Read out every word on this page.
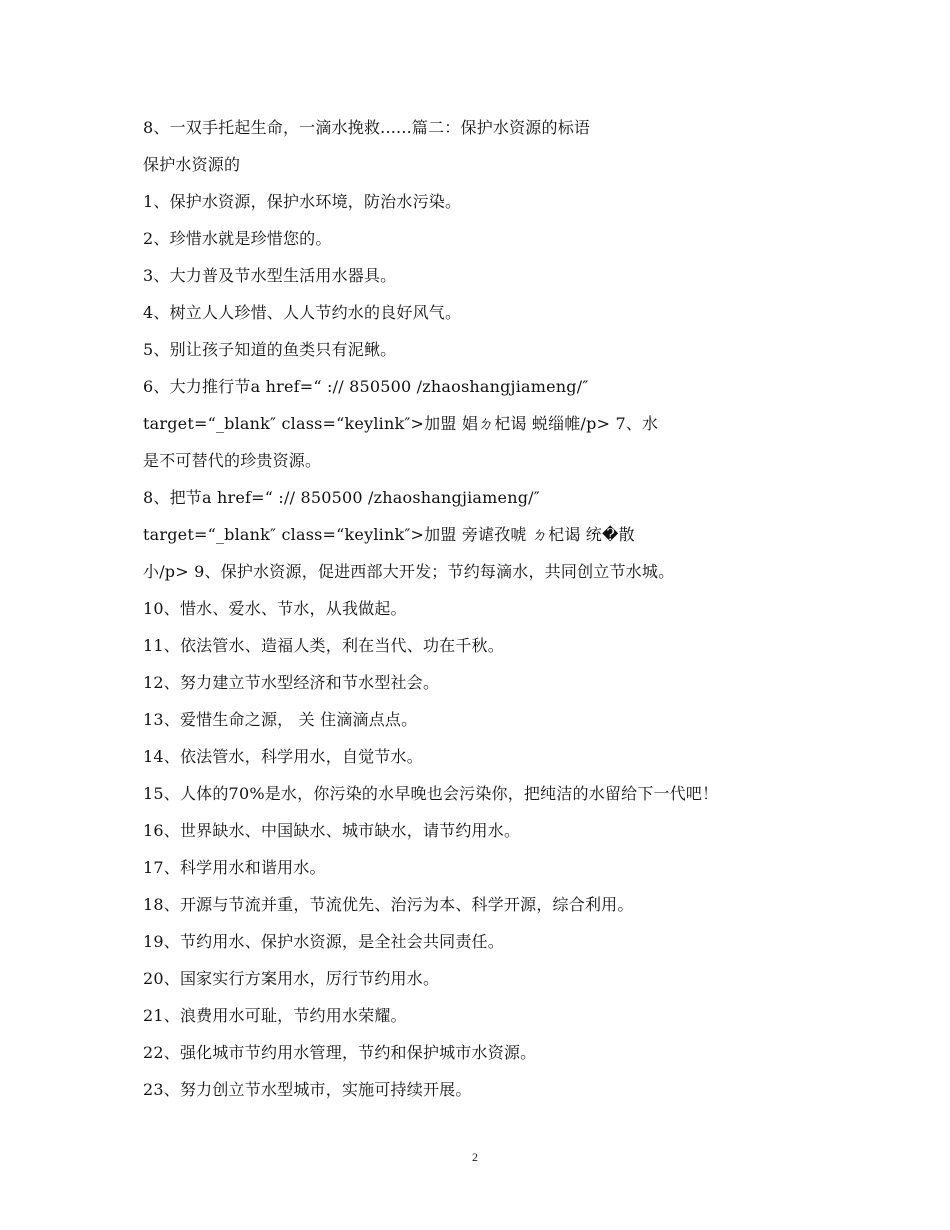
8、一双手托起生命，一滴水挽救......篇二：保护水资源的标语
保护水资源的
1、保护水资源，保护水环境，防治水污染。
2、珍惜水就是珍惜您的。
3、大力普及节水型生活用水器具。
4、树立人人珍惜、人人节约水的良好风气。
5、别让孩子知道的鱼类只有泥鳅。
6、大力推行节a href=“ :// 850500 /zhaoshangjiameng/″
target=“_blank″ class=“keylink″>加盟 娼ㄉ杞谒 蜕缁帷/p> 7、水
是不可替代的珍贵资源。
8、把节a href=“ :// 850500 /zhaoshangjiameng/″
target=“_blank″ class=“keylink″>加盟 旁谑孜唬 ㄉ杞谒 统�散
小/p> 9、保护水资源，促进西部大开发；节约每滴水，共同创立节水城。
10、惜水、爱水、节水，从我做起。
11、依法管水、造福人类，利在当代、功在千秋。
12、努力建立节水型经济和节水型社会。
13、爱惜生命之源， 关 住滴滴点点。
14、依法管水，科学用水，自觉节水。
15、人体的70%是水，你污染的水早晚也会污染你，把纯洁的水留给下一代吧！
16、世界缺水、中国缺水、城市缺水，请节约用水。
17、科学用水和谐用水。
18、开源与节流并重，节流优先、治污为本、科学开源，综合利用。
19、节约用水、保护水资源，是全社会共同责任。
20、国家实行方案用水，厉行节约用水。
21、浪费用水可耻，节约用水荣耀。
22、强化城市节约用水管理，节约和保护城市水资源。
23、努力创立节水型城市，实施可持续开展。
2
